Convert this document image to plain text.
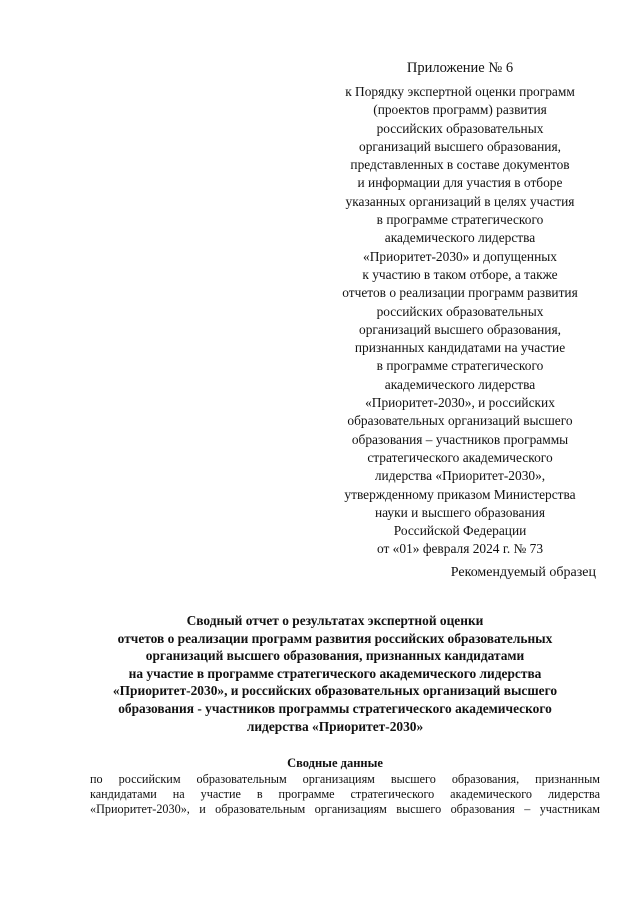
Приложение № 6
к Порядку экспертной оценки программ
(проектов программ) развития
российских образовательных
организаций высшего образования,
представленных в составе документов
и информации для участия в отборе
указанных организаций в целях участия
в программе стратегического
академического лидерства
«Приоритет-2030» и допущенных
к участию в таком отборе, а также
отчетов о реализации программ развития
российских образовательных
организаций высшего образования,
признанных кандидатами на участие
в программе стратегического
академического лидерства
«Приоритет-2030», и российских
образовательных организаций высшего
образования – участников программы
стратегического академического
лидерства «Приоритет-2030»,
утвержденному приказом Министерства
науки и высшего образования
Российской Федерации
от «01» февраля 2024 г. № 73
Рекомендуемый образец
Сводный отчет о результатах экспертной оценки
отчетов о реализации программ развития российских образовательных
организаций высшего образования, признанных кандидатами
на участие в программе стратегического академического лидерства
«Приоритет-2030», и российских образовательных организаций высшего
образования - участников программы стратегического академического
лидерства «Приоритет-2030»
Сводные данные
по российским образовательным организациям высшего образования, признанным
кандидатами на участие в программе стратегического академического лидерства
«Приоритет-2030», и образовательным организациям высшего образования – участникам
